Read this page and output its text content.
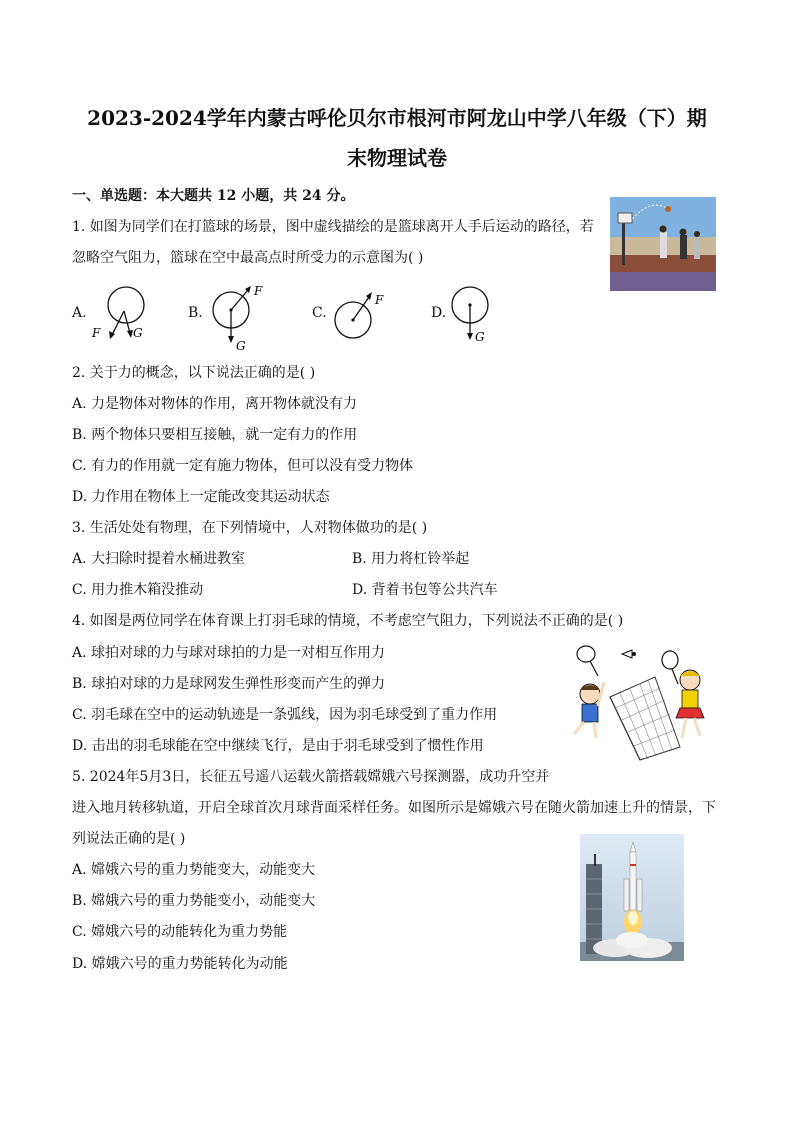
2023-2024学年内蒙古呼伦贝尔市根河市阿龙山中学八年级（下）期
末物理试卷
一、单选题：本大题共 12 小题，共 24 分。
1. 如图为同学们在打篮球的场景，图中虚线描绘的是篮球离开人手后运动的路径，若
忽略空气阻力，篮球在空中最高点时所受力的示意图为( )
A.
F	G
B.
F
G
C.
F
D.
G
2. 关于力的概念，以下说法正确的是( )
A. 力是物体对物体的作用，离开物体就没有力
B. 两个物体只要相互接触，就一定有力的作用
C. 有力的作用就一定有施力物体，但可以没有受力物体
D. 力作用在物体上一定能改变其运动状态
3. 生活处处有物理，在下列情境中，人对物体做功的是( )
A. 大扫除时提着水桶进教室	B. 用力将杠铃举起
C. 用力推木箱没推动	D. 背着书包等公共汽车
4. 如图是两位同学在体育课上打羽毛球的情境，不考虑空气阻力，下列说法不正确的是( )
A. 球拍对球的力与球对球拍的力是一对相互作用力
B. 球拍对球的力是球网发生弹性形变而产生的弹力
C. 羽毛球在空中的运动轨迹是一条弧线，因为羽毛球受到了重力作用
D. 击出的羽毛球能在空中继续飞行，是由于羽毛球受到了惯性作用
5. 2024年5月3日，长征五号遥八运载火箭搭载嫦娥六号探测器，成功升空并
进入地月转移轨道，开启全球首次月球背面采样任务。如图所示是嫦娥六号在随火箭加速上升的情景，下
列说法正确的是( )
A. 嫦娥六号的重力势能变大，动能变大
B. 嫦娥六号的重力势能变小，动能变大
C. 嫦娥六号的动能转化为重力势能
D. 嫦娥六号的重力势能转化为动能
